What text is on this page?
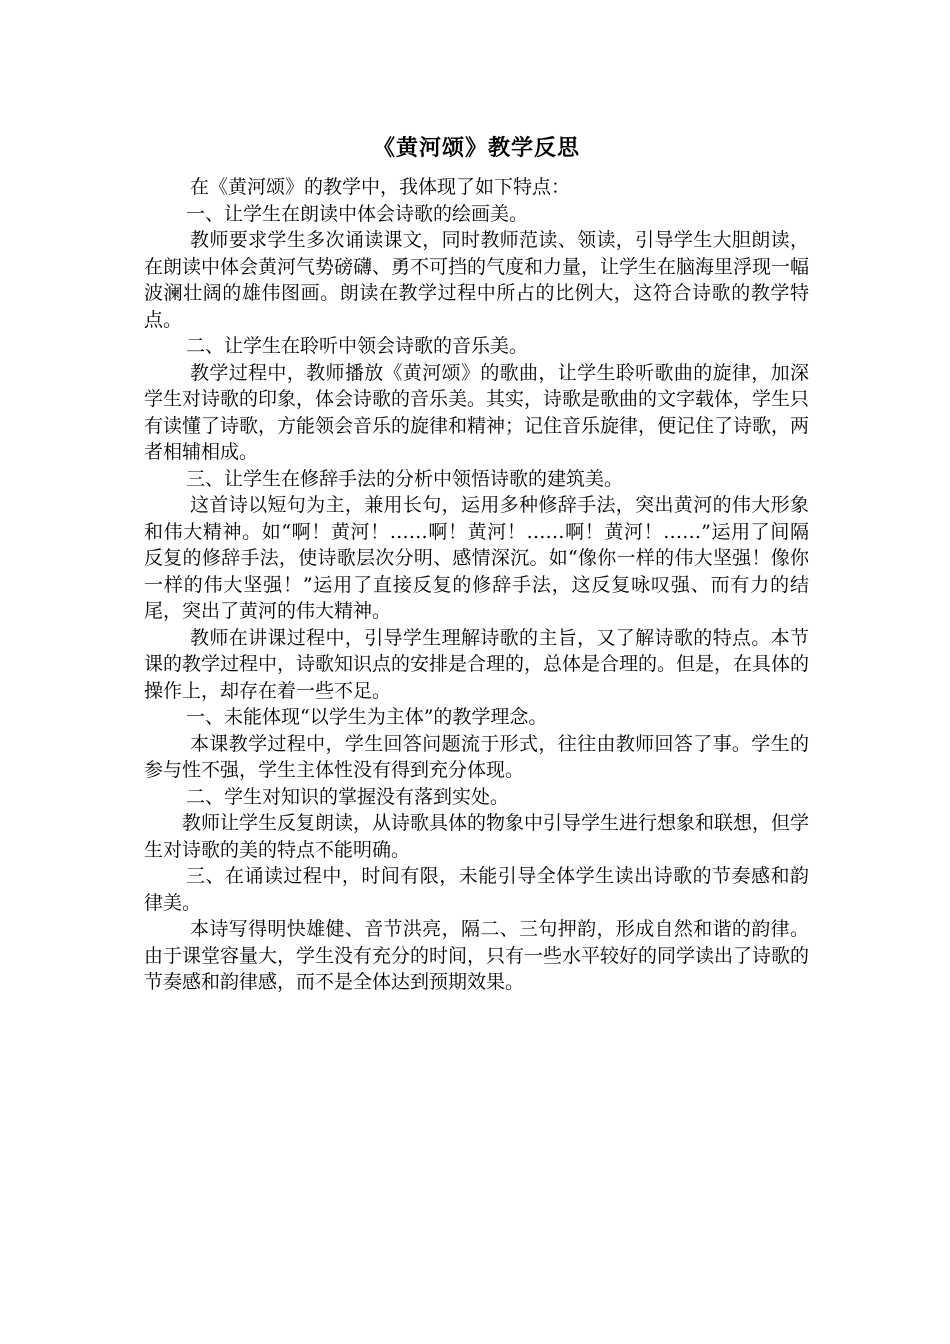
《黄河颂》教学反思

在《黄河颂》的教学中，我体现了如下特点：

一、让学生在朗读中体会诗歌的绘画美。

教师要求学生多次诵读课文，同时教师范读、领读，引导学生大胆朗读，在朗读中体会黄河气势磅礴、勇不可挡的气度和力量，让学生在脑海里浮现一幅波澜壮阔的雄伟图画。朗读在教学过程中所占的比例大，这符合诗歌的教学特点。

二、让学生在聆听中领会诗歌的音乐美。

教学过程中，教师播放《黄河颂》的歌曲，让学生聆听歌曲的旋律，加深学生对诗歌的印象，体会诗歌的音乐美。其实，诗歌是歌曲的文字载体，学生只有读懂了诗歌，方能领会音乐的旋律和精神；记住音乐旋律，便记住了诗歌，两者相辅相成。

三、让学生在修辞手法的分析中领悟诗歌的建筑美。

这首诗以短句为主，兼用长句，运用多种修辞手法，突出黄河的伟大形象和伟大精神。如“啊！黄河！……啊！黄河！……啊！黄河！……”运用了间隔反复的修辞手法，使诗歌层次分明、感情深沉。如“像你一样的伟大坚强！像你一样的伟大坚强！”运用了直接反复的修辞手法，这反复咏叹强、而有力的结尾，突出了黄河的伟大精神。

教师在讲课过程中，引导学生理解诗歌的主旨，又了解诗歌的特点。本节课的教学过程中，诗歌知识点的安排是合理的，总体是合理的。但是，在具体的操作上，却存在着一些不足。

一、未能体现“以学生为主体”的教学理念。

本课教学过程中，学生回答问题流于形式，往往由教师回答了事。学生的参与性不强，学生主体性没有得到充分体现。

二、学生对知识的掌握没有落到实处。

教师让学生反复朗读，从诗歌具体的物象中引导学生进行想象和联想，但学生对诗歌的美的特点不能明确。

三、在诵读过程中，时间有限，未能引导全体学生读出诗歌的节奏感和韵律美。

本诗写得明快雄健、音节洪亮，隔二、三句押韵，形成自然和谐的韵律。由于课堂容量大，学生没有充分的时间，只有一些水平较好的同学读出了诗歌的节奏感和韵律感，而不是全体达到预期效果。
